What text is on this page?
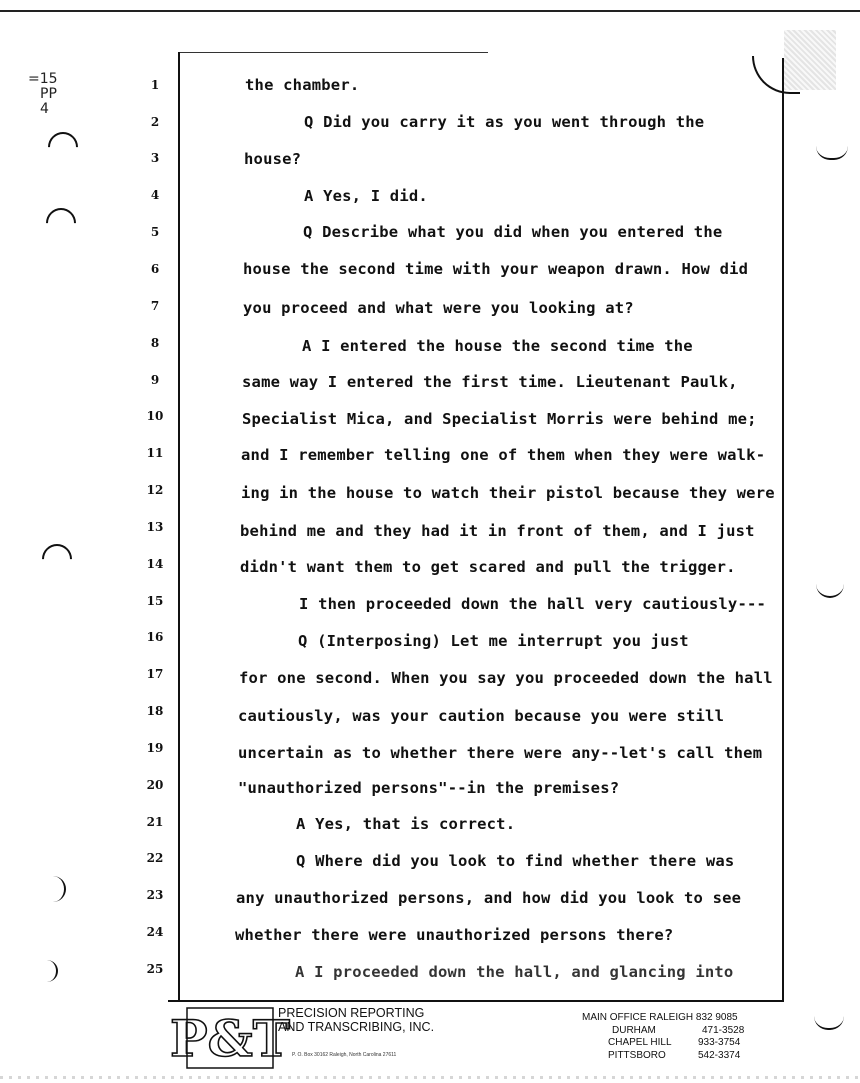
=15
PP
4
1
2
3
4
5
6
7
8
9
10
11
12
13
14
15
16
17
18
19
20
21
22
23
24
25
the chamber.
Q Did you carry it as you went through the
house?
A Yes, I did.
Q Describe what you did when you entered the
house the second time with your weapon drawn. How did
you proceed and what were you looking at?
A I entered the house the second time the
same way I entered the first time. Lieutenant Paulk,
Specialist Mica, and Specialist Morris were behind me;
and I remember telling one of them when they were walk-
ing in the house to watch their pistol because they were
behind me and they had it in front of them, and I just
didn't want them to get scared and pull the trigger.
I then proceeded down the hall very cautiously---
Q (Interposing) Let me interrupt you just
for one second. When you say you proceeded down the hall
cautiously, was your caution because you were still
uncertain as to whether there were any--let's call them
"unauthorized persons"--in the premises?
A Yes, that is correct.
Q Where did you look to find whether there was
any unauthorized persons, and how did you look to see
whether there were unauthorized persons there?
A I proceeded down the hall, and glancing into
P&T
PRECISION REPORTING
AND TRANSCRIBING, INC.
P. O. Box 30162 Raleigh, North Carolina 27611
MAIN OFFICE RALEIGH
832 9085
DURHAM	471-3528
CHAPEL HILL	933-3754
PITTSBORO	542-3374
